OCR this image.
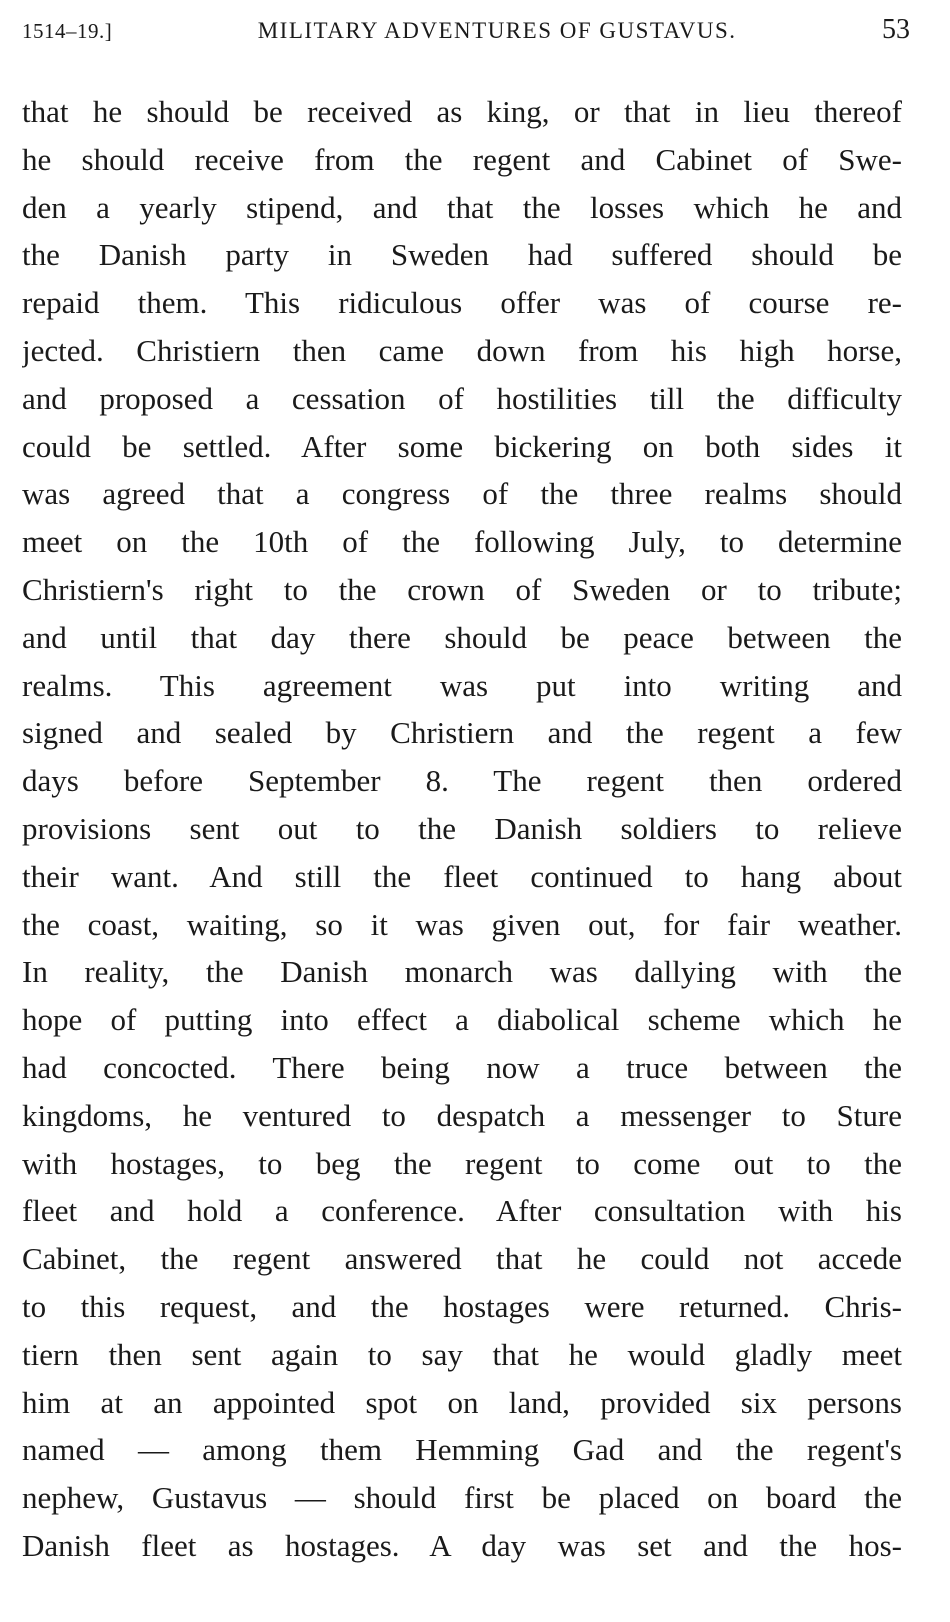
1514–19.]	MILITARY ADVENTURES OF GUSTAVUS.	53
that he should be received as king, or that in lieu thereof
he should receive from the regent and Cabinet of Swe-
den a yearly stipend, and that the losses which he and
the Danish party in Sweden had suffered should be
repaid them. This ridiculous offer was of course re-
jected. Christiern then came down from his high horse,
and proposed a cessation of hostilities till the difficulty
could be settled. After some bickering on both sides it
was agreed that a congress of the three realms should
meet on the 10th of the following July, to determine
Christiern's right to the crown of Sweden or to tribute;
and until that day there should be peace between the
realms. This agreement was put into writing and
signed and sealed by Christiern and the regent a few
days before September 8. The regent then ordered
provisions sent out to the Danish soldiers to relieve
their want. And still the fleet continued to hang about
the coast, waiting, so it was given out, for fair weather.
In reality, the Danish monarch was dallying with the
hope of putting into effect a diabolical scheme which he
had concocted. There being now a truce between the
kingdoms, he ventured to despatch a messenger to Sture
with hostages, to beg the regent to come out to the
fleet and hold a conference. After consultation with his
Cabinet, the regent answered that he could not accede
to this request, and the hostages were returned. Chris-
tiern then sent again to say that he would gladly meet
him at an appointed spot on land, provided six persons
named — among them Hemming Gad and the regent's
nephew, Gustavus — should first be placed on board the
Danish fleet as hostages. A day was set and the hos-
